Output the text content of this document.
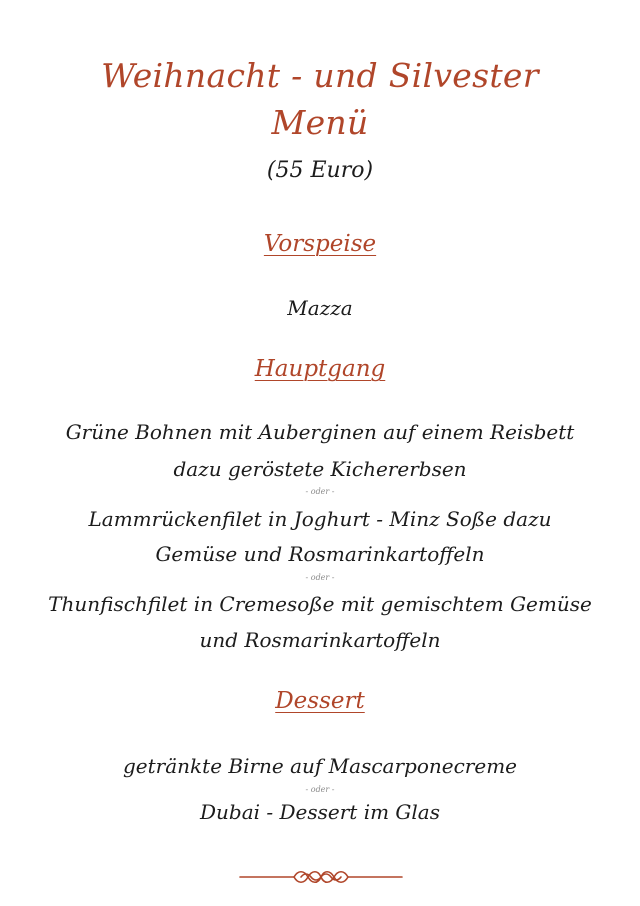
Weihnacht - und Silvester
Menü
(55 Euro)
Vorspeise
Mazza
Hauptgang
Grüne Bohnen mit Auberginen auf einem Reisbett
dazu geröstete Kichererbsen
- oder -
Lammrückenfilet in Joghurt - Minz Soße dazu
Gemüse und Rosmarinkartoffeln
- oder -
Thunfischfilet in Cremesoße mit gemischtem Gemüse
und Rosmarinkartoffeln
Dessert
getränkte Birne auf Mascarponecreme
- oder -
Dubai - Dessert im Glas
